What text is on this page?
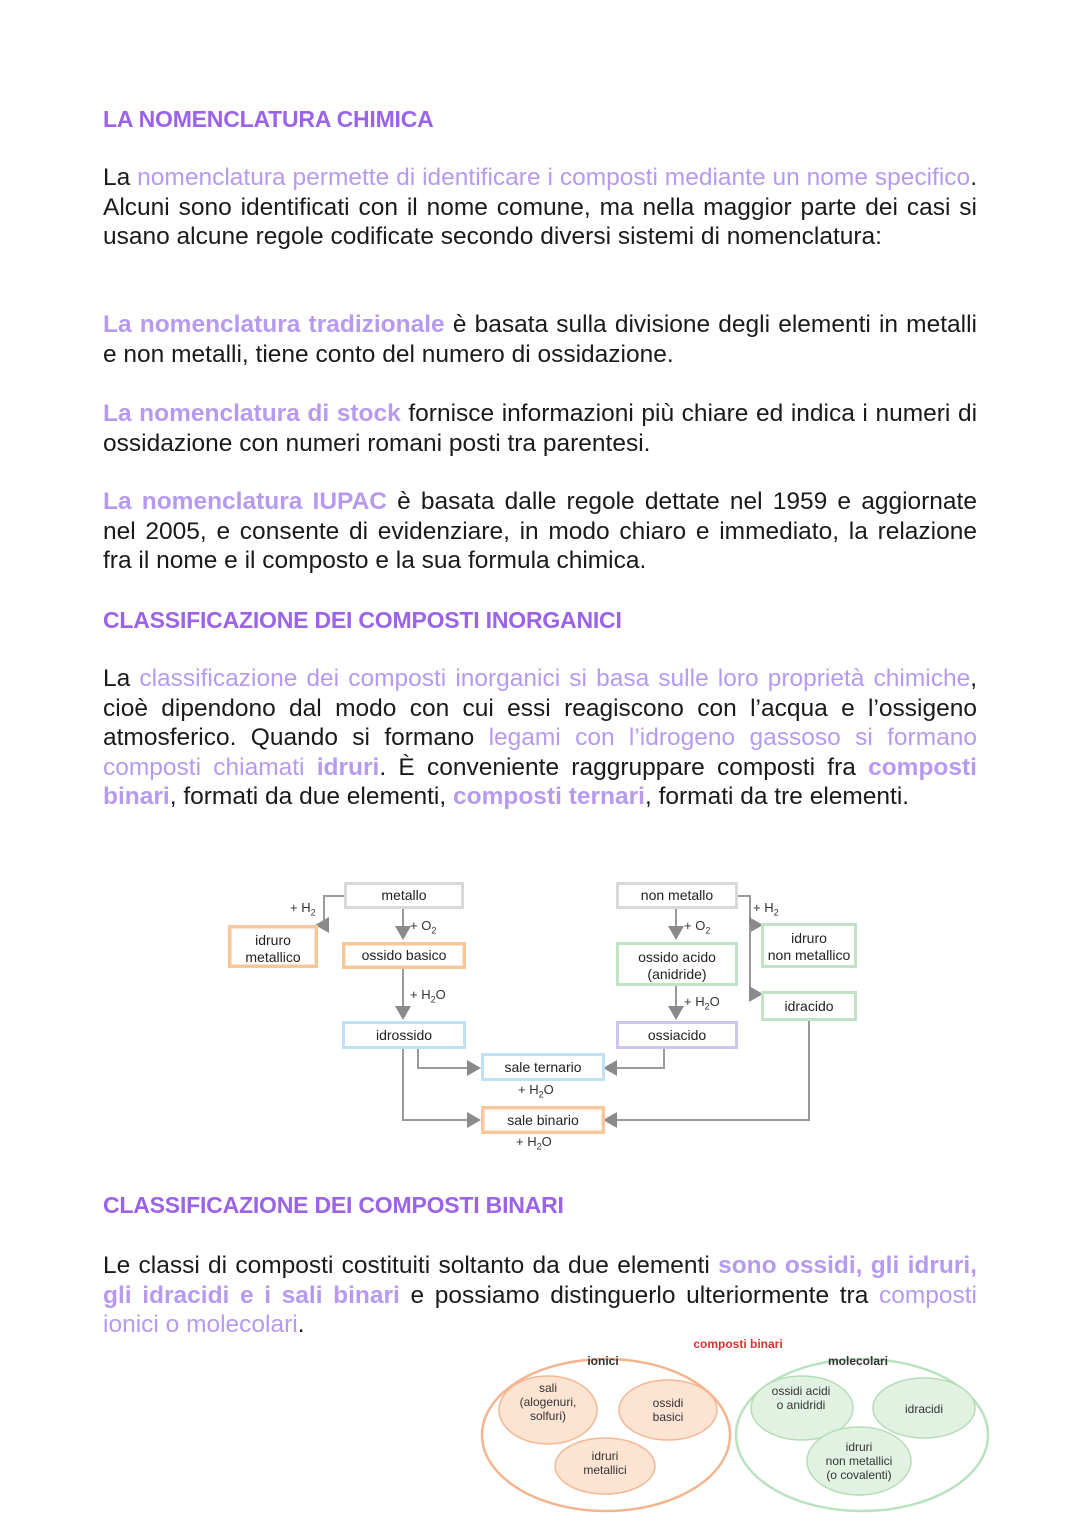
LA NOMENCLATURA CHIMICA
La nomenclatura permette di identificare i composti mediante un nome specifico. Alcuni sono identificati con il nome comune, ma nella maggior parte dei casi si usano alcune regole codificate secondo diversi sistemi di nomenclatura:
La nomenclatura tradizionale è basata sulla divisione degli elementi in metalli e non metalli, tiene conto del numero di ossidazione.
La nomenclatura di stock fornisce informazioni più chiare ed indica i numeri di ossidazione con numeri romani posti tra parentesi.
La nomenclatura IUPAC è basata dalle regole dettate nel 1959 e aggiornate nel 2005, e consente di evidenziare, in modo chiaro e immediato, la relazione fra il nome e il composto e la sua formula chimica.
CLASSIFICAZIONE DEI COMPOSTI INORGANICI
La classificazione dei composti inorganici si basa sulle loro proprietà chimiche, cioè dipendono dal modo con cui essi reagiscono con l’acqua e l’ossigeno atmosferico. Quando si formano legami con l’idrogeno gassoso si formano composti chiamati idruri. È conveniente raggruppare composti fra composti binari, formati da due elementi, composti ternari, formati da tre elementi.
metallo	non metallo
idruro
metallico	ossido basico	ossido acido
(anidride)
idruro
non metallico
idracido
idrossido	ossiacido
sale ternario
sale binario
+ $H_2$
+ $O_2$
+ $H_2O$
+ $O_2$
+ $H_2O$
+ $H_2$
+ $H_2O$
+ $H_2O$
CLASSIFICAZIONE DEI COMPOSTI BINARI
Le classi di composti costituiti soltanto da due elementi sono ossidi, gli idruri, gli idracidi e i sali binari e possiamo distinguerlo ulteriormente tra composti ionici o molecolari.
composti binari
ionici	molecolari
sali
(alogenuri,
solfuri)
ossidi
basici
idruri
metallici
ossidi acidi
o anidridi	idracidi
idruri
non metallici
(o covalenti)
